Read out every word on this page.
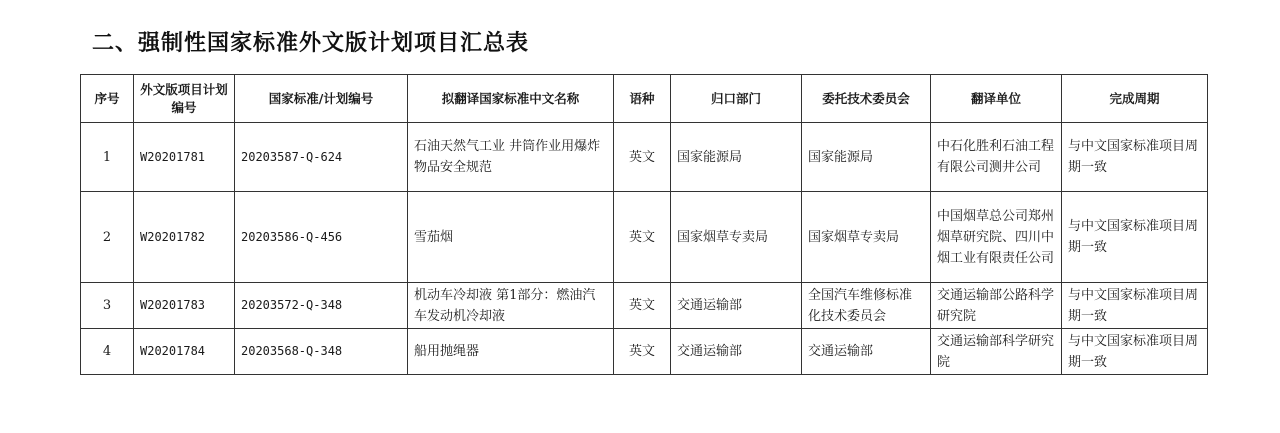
二、强制性国家标准外文版计划项目汇总表
序号	外文版项目计划编号	国家标准/计划编号	拟翻译国家标准中文名称	语种	归口部门	委托技术委员会	翻译单位	完成周期
1	W20201781	20203587-Q-624	石油天然气工业 井筒作业用爆炸物品安全规范	英文	国家能源局	国家能源局	中石化胜利石油工程有限公司测井公司	与中文国家标准项目周期一致
2	W20201782	20203586-Q-456	雪茄烟	英文	国家烟草专卖局	国家烟草专卖局	中国烟草总公司郑州烟草研究院、四川中烟工业有限责任公司	与中文国家标准项目周期一致
3	W20201783	20203572-Q-348	机动车冷却液 第1部分：燃油汽车发动机冷却液	英文	交通运输部	全国汽车维修标准化技术委员会	交通运输部公路科学研究院	与中文国家标准项目周期一致
4	W20201784	20203568-Q-348	船用抛绳器	英文	交通运输部	交通运输部	交通运输部科学研究院	与中文国家标准项目周期一致
